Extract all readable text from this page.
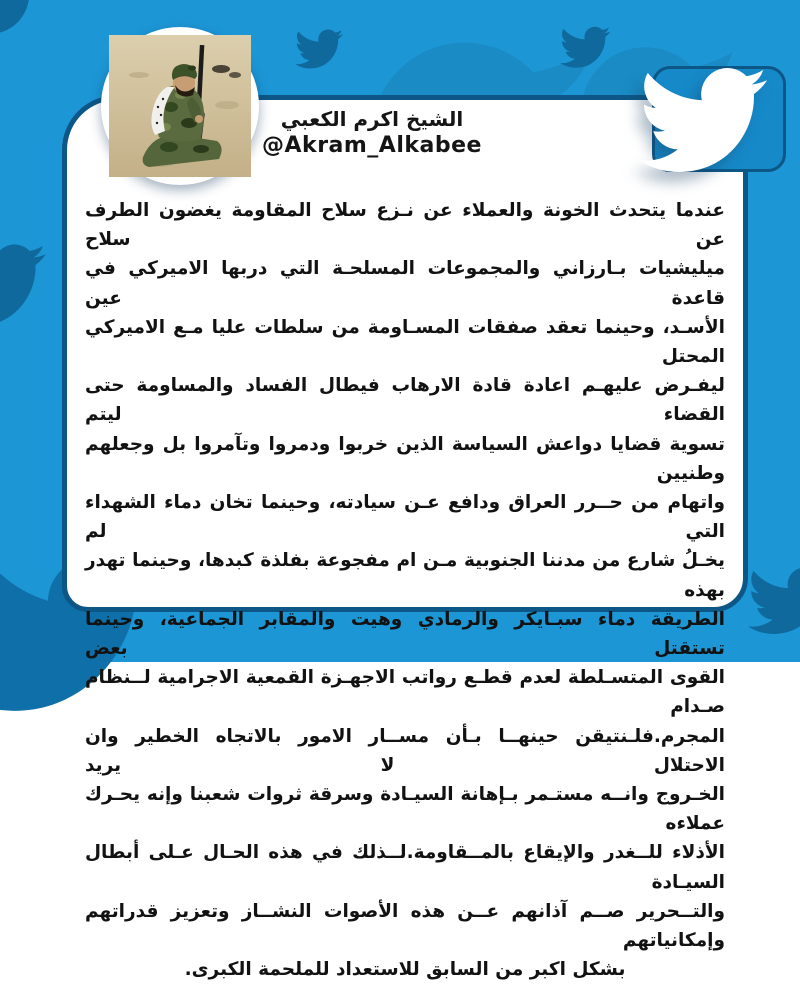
الشيخ اكرم الكعبي
@Akram_Alkabee
عندما يتحدث الخونة والعملاء عن نـزع سلاح المقاومة يغضون الطرف عن سلاح
ميليشيات بـارزاني والمجموعات المسلحـة التي دربها الاميركي في قاعدة عين
الأسـد، وحينما تعقد صفقات المسـاومة من سلطات عليا مـع الاميركي المحتل
ليفـرض عليهـم اعادة قادة الارهاب فيطال الفساد والمساومة حتى القضاء ليتم
تسوية قضايا دواعش السياسة الذين خربوا ودمروا وتآمروا بل وجعلهم وطنيين
واتهام من حــرر العراق ودافع عـن سيادته، وحينما تخان دماء الشهداء التي لم
يخـلُ شارع من مدننا الجنوبية مـن ام مفجوعة بفلذة كبدها، وحينما تهدر بهذه
الطريقة دماء سبـايكر والرمادي وهيت والمقابر الجماعية، وحينما تستقتل بعض
القوى المتسـلطة لعدم قطـع رواتب الاجهـزة القمعية الاجرامية لــنظام صـدام
المجرم.فلـنتيقن حينهــا بـأن مســار الامور بالاتجاه الخطير وان الاحتلال لا يريد
الخـروج وانــه مستـمر بـإهانة السيـادة وسرقة ثروات شعبنا وإنه يحـرك عملاءه
الأذلاء للــغدر والإيقاع بالمــقاومة.لــذلك في هذه الحـال عـلى أبطال السيـادة
والتــحرير صــم آذانهم عــن هذه الأصوات النشــاز وتعزيز قدراتهم وإمكانياتهم
بشكل اكبر من السابق للاستعداد للملحمة الكبرى.
